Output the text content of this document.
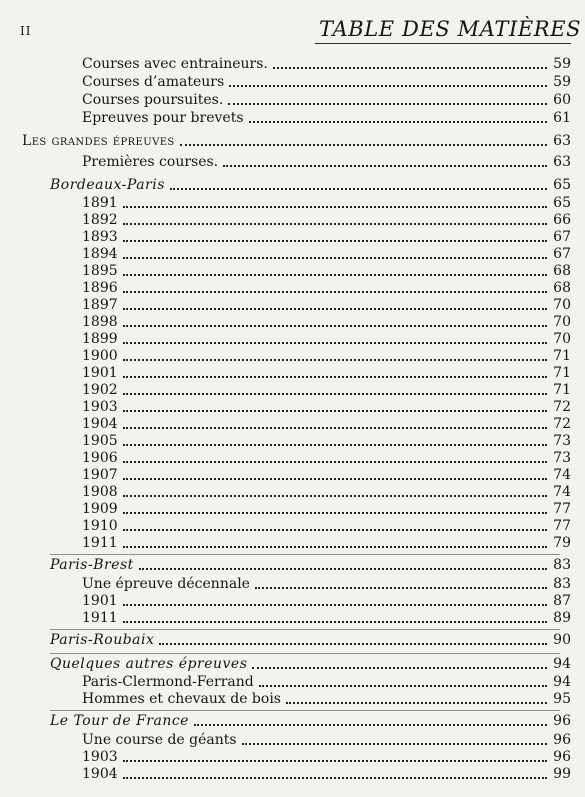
II	TABLE DES MATIÈRES
Courses avec entraineurs.	59
Courses d’amateurs	59
Courses poursuites.	60
Epreuves pour brevets	61
Les grandes épreuves	63
Premières courses.	63
Bordeaux-Paris	65
1891	65
1892	66
1893	67
1894	67
1895	68
1896	68
1897	70
1898	70
1899	70
1900	71
1901	71
1902	71
1903	72
1904	72
1905	73
1906	73
1907	74
1908	74
1909	77
1910	77
1911	79
Paris-Brest	83
Une épreuve décennale	83
1901	87
1911	89
Paris-Roubaix	90
Quelques autres épreuves	94
Paris-Clermond-Ferrand	94
Hommes et chevaux de bois	95
Le Tour de France	96
Une course de géants	96
1903	96
1904	99
